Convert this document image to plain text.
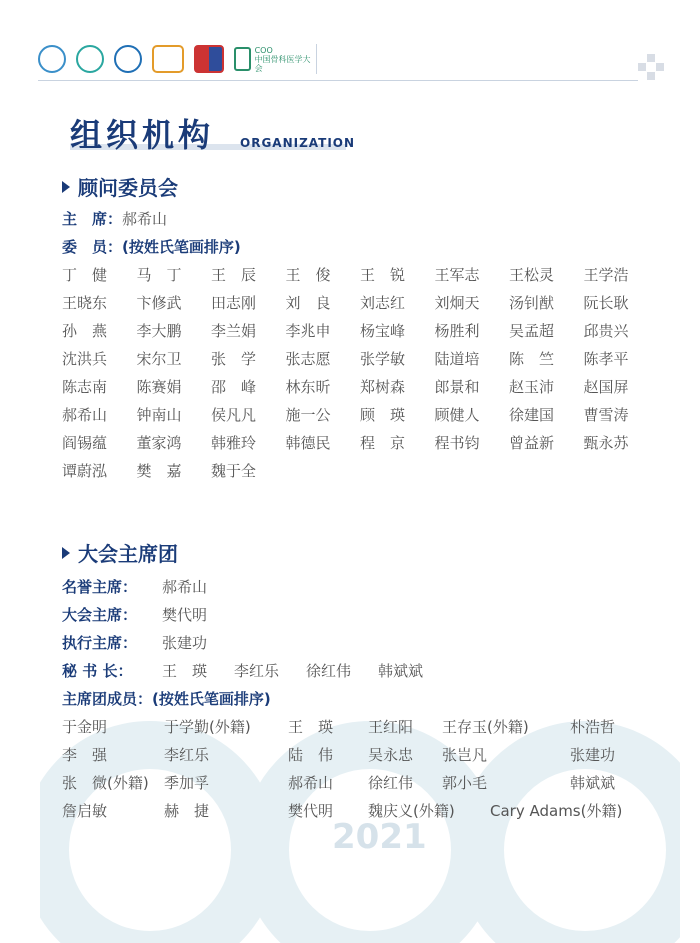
COO
中国骨科医学大会
组织机构 ORGANIZATION
顾问委员会
主　席：郝希山
委　员：(按姓氏笔画排序)
丁　健 马　丁 王　辰 王　俊 王　锐 王军志 王松灵 王学浩
王晓东 卞修武 田志刚 刘　良 刘志红 刘炯天 汤钊猷 阮长耿
孙　燕 李大鹏 李兰娟 李兆申 杨宝峰 杨胜利 吴孟超 邱贵兴
沈洪兵 宋尔卫 张　学 张志愿 张学敏 陆道培 陈　竺 陈孝平
陈志南 陈赛娟 邵　峰 林东昕 郑树森 郎景和 赵玉沛 赵国屏
郝希山 钟南山 侯凡凡 施一公 顾　瑛 顾健人 徐建国 曹雪涛
阎锡蕴 董家鸿 韩雅玲 韩德民 程　京 程书钧 曾益新 甄永苏
谭蔚泓 樊　嘉 魏于全
大会主席团
名誉主席： 郝希山
大会主席： 樊代明
执行主席： 张建功
秘 书 长： 王　瑛 李红乐 徐红伟 韩斌斌
主席团成员：(按姓氏笔画排序)
于金明	于学勤(外籍) 王　瑛 王红阳 王存玉(外籍)	朴浩哲
李　强	李红乐	陆　伟 吴永忠 张岂凡	张建功
张　微(外籍) 季加孚	郝希山 徐红伟 郭小毛	韩斌斌
詹启敏	赫　捷	樊代明 魏庆义(外籍) Cary Adams(外籍)
2021
